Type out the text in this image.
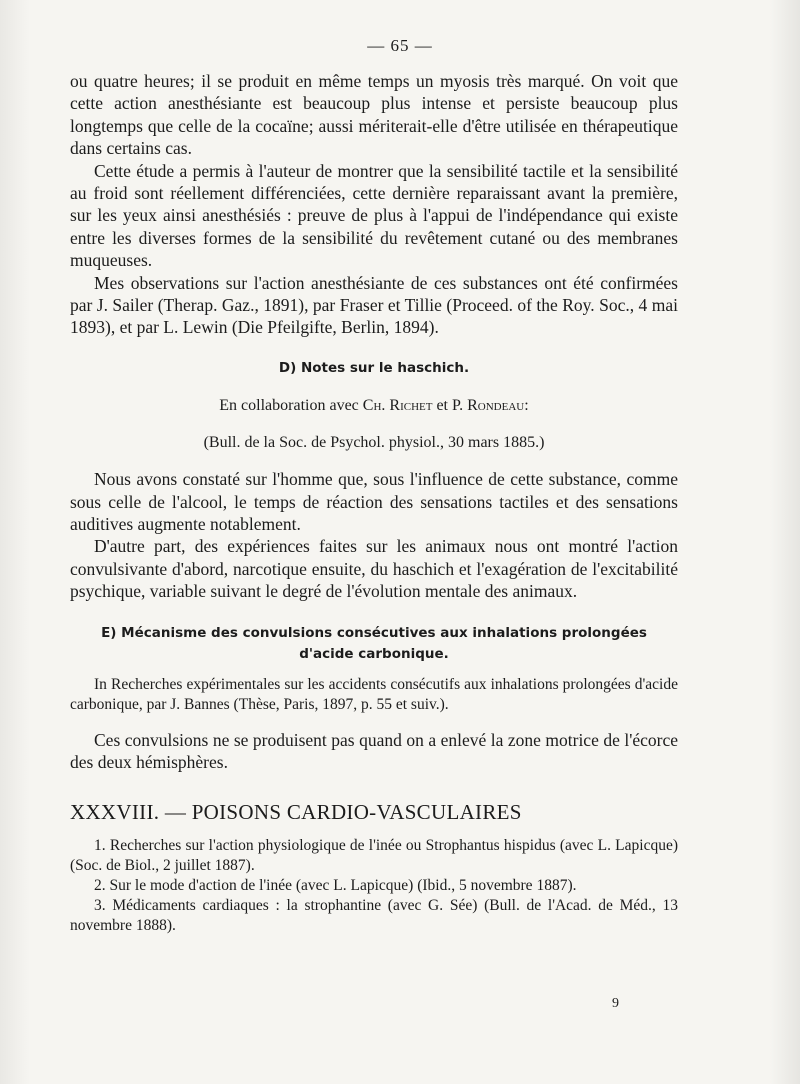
— 65 —

ou quatre heures; il se produit en même temps un myosis très marqué. On voit que cette action anesthésiante est beaucoup plus intense et persiste beaucoup plus longtemps que celle de la cocaïne; aussi mériterait-elle d'être utilisée en thérapeutique dans certains cas.

Cette étude a permis à l'auteur de montrer que la sensibilité tactile et la sensibilité au froid sont réellement différenciées, cette dernière reparaissant avant la première, sur les yeux ainsi anesthésiés : preuve de plus à l'appui de l'indépendance qui existe entre les diverses formes de la sensibilité du revêtement cutané ou des membranes muqueuses.

Mes observations sur l'action anesthésiante de ces substances ont été confirmées par J. Sailer (Therap. Gaz., 1891), par Fraser et Tillie (Proceed. of the Roy. Soc., 4 mai 1893), et par L. Lewin (Die Pfeilgifte, Berlin, 1894).

D) Notes sur le haschich.

En collaboration avec Ch. Richet et P. Rondeau:

(Bull. de la Soc. de Psychol. physiol., 30 mars 1885.)

Nous avons constaté sur l'homme que, sous l'influence de cette substance, comme sous celle de l'alcool, le temps de réaction des sensations tactiles et des sensations auditives augmente notablement.

D'autre part, des expériences faites sur les animaux nous ont montré l'action convulsivante d'abord, narcotique ensuite, du haschich et l'exagération de l'excitabilité psychique, variable suivant le degré de l'évolution mentale des animaux.

E) Mécanisme des convulsions consécutives aux inhalations prolongées

d'acide carbonique.

In Recherches expérimentales sur les accidents consécutifs aux inhalations prolongées d'acide carbonique, par J. Bannes (Thèse, Paris, 1897, p. 55 et suiv.).

Ces convulsions ne se produisent pas quand on a enlevé la zone motrice de l'écorce des deux hémisphères.

XXXVIII. — POISONS CARDIO-VASCULAIRES

1. Recherches sur l'action physiologique de l'inée ou Strophantus hispidus (avec L. Lapicque) (Soc. de Biol., 2 juillet 1887).

2. Sur le mode d'action de l'inée (avec L. Lapicque) (Ibid., 5 novembre 1887).

3. Médicaments cardiaques : la strophantine (avec G. Sée) (Bull. de l'Acad. de Méd., 13 novembre 1888).

9
